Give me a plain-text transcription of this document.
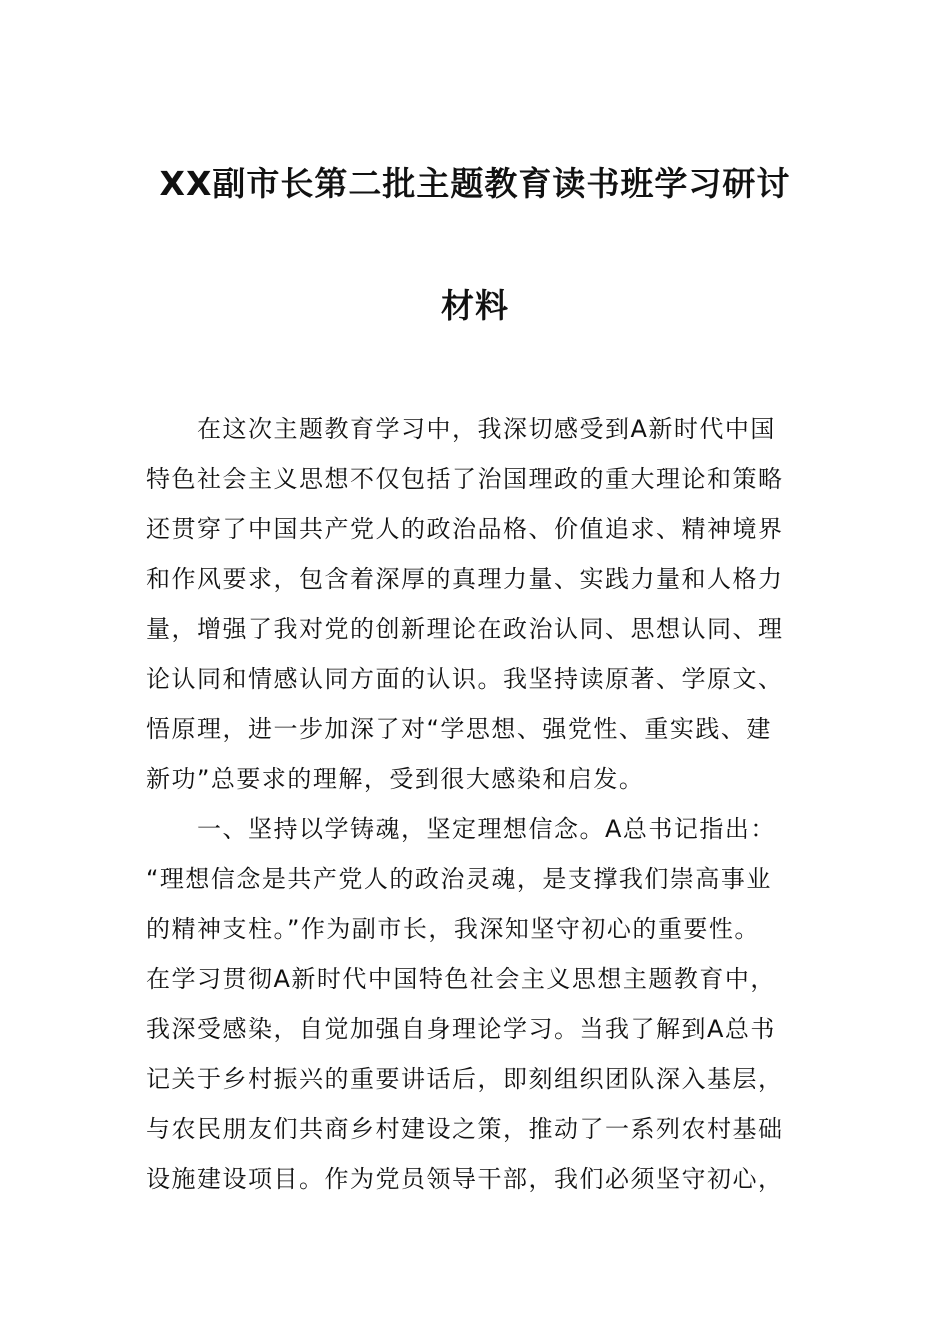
XX副市长第二批主题教育读书班学习研讨
材料
　　在这次主题教育学习中，我深切感受到A新时代中国
特色社会主义思想不仅包括了治国理政的重大理论和策略
还贯穿了中国共产党人的政治品格、价值追求、精神境界
和作风要求，包含着深厚的真理力量、实践力量和人格力
量，增强了我对党的创新理论在政治认同、思想认同、理
论认同和情感认同方面的认识。我坚持读原著、学原文、
悟原理，进一步加深了对“学思想、强党性、重实践、建
新功”总要求的理解，受到很大感染和启发。
　　一、坚持以学铸魂，坚定理想信念。A总书记指出：
“理想信念是共产党人的政治灵魂，是支撑我们崇高事业
的精神支柱。”作为副市长，我深知坚守初心的重要性。
在学习贯彻A新时代中国特色社会主义思想主题教育中，
我深受感染，自觉加强自身理论学习。当我了解到A总书
记关于乡村振兴的重要讲话后，即刻组织团队深入基层，
与农民朋友们共商乡村建设之策，推动了一系列农村基础
设施建设项目。作为党员领导干部，我们必须坚守初心，
